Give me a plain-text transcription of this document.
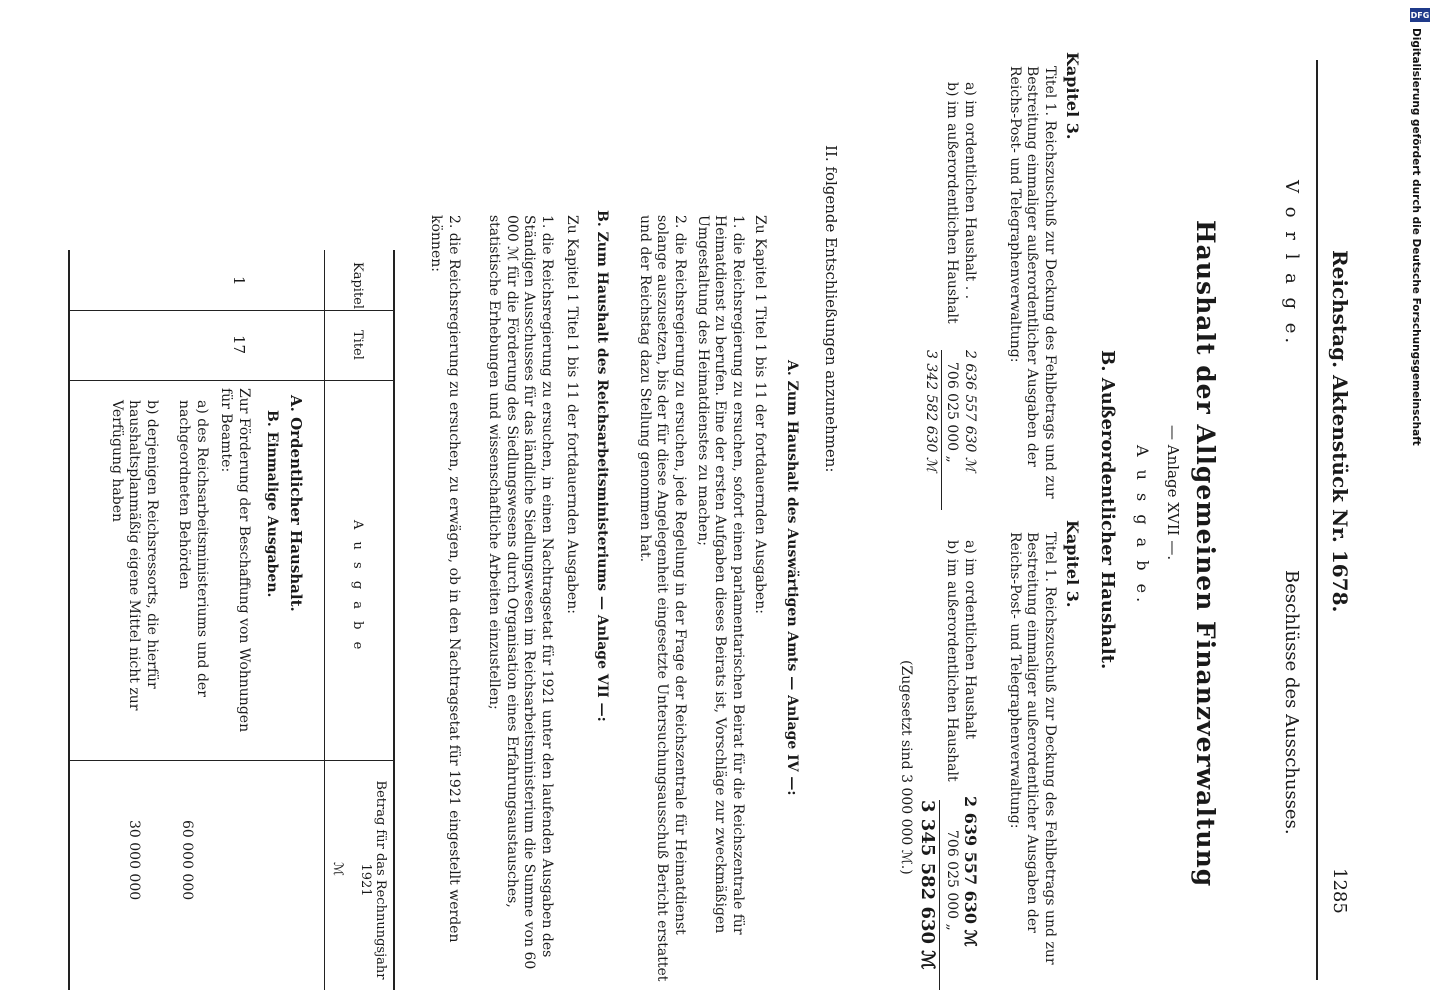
Reichstag. Aktenstück Nr. 1678.
1285
V o r l a g e.
Beschlüsse des Ausschusses.
Haushalt der Allgemeinen Finanzverwaltung
— Anlage XVII —.
A u s g a b e.
B. Außerordentlicher Haushalt.
Kapitel 3.
Titel 1. Reichszuschuß zur Deckung des Fehlbetrags und zur Bestreitung einmaliger außerordentlicher Ausgaben der Reichs-Post- und Telegraphenverwaltung:
a) im ordentlichen Haushalt . .
2 636 557 630 ℳ
b) im außerordentlichen Haushalt
706 025 000 „
3 342 582 630 ℳ
Kapitel 3.
Titel 1. Reichszuschuß zur Deckung des Fehlbetrags und zur Bestreitung einmaliger außerordentlicher Ausgaben der Reichs-Post- und Telegraphenverwaltung:
a) im ordentlichen Haushalt
2 639 557 630 ℳ
b) im außerordentlichen Haushalt
706 025 000 „
3 345 582 630 ℳ
(Zugesetzt sind 3 000 000 ℳ.)
II. folgende Entschließungen anzunehmen:
A. Zum Haushalt des Auswärtigen Amts — Anlage IV —:
Zu Kapitel 1 Titel 1 bis 11 der fortdauernden Ausgaben:
1. die Reichsregierung zu ersuchen, sofort einen parlamentarischen Beirat für die Reichszentrale für Heimatdienst zu berufen. Eine der ersten Aufgaben dieses Beirats ist, Vorschläge zur zweckmäßigen Umgestaltung des Heimatdienstes zu machen;
2. die Reichsregierung zu ersuchen, jede Regelung in der Frage der Reichszentrale für Heimatdienst solange auszusetzen, bis der für diese Angelegenheit eingesetzte Untersuchungsausschuß Bericht erstattet und der Reichstag dazu Stellung genommen hat.
B. Zum Haushalt des Reichsarbeitsministeriums — Anlage VII —:
Zu Kapitel 1 Titel 1 bis 11 der fortdauernden Ausgaben:
1. die Reichsregierung zu ersuchen, in einen Nachtragsetat für 1921 unter den laufenden Ausgaben des Ständigen Ausschusses für das ländliche Siedlungswesen im Reichsarbeitsministerium die Summe von 60 000 ℳ für die Förderung des Siedlungswesens durch Organisation eines Erfahrungsaustausches, statistische Erhebungen und wissenschaftliche Arbeiten einzustellen;
2. die Reichsregierung zu ersuchen, zu erwägen, ob in den Nachtragsetat für 1921 eingestellt werden können:
Kapitel
Titel
A u s g a b e
Betrag für das Rechnungsjahr 1921
ℳ
1
17
A. Ordentlicher Haushalt.
B. Einmalige Ausgaben.
Zur Förderung der Beschaffung von Wohnungen für Beamte:
a) des Reichsarbeitsministeriums und der nachgeordneten Behörden
60 000 000
b) derjenigen Reichsressorts, die hierfür haushaltsplanmäßig eigene Mittel nicht zur Verfügung haben
30 000 000
DFG
Digitalisierung gefördert durch die Deutsche Forschungsgemeinschaft
